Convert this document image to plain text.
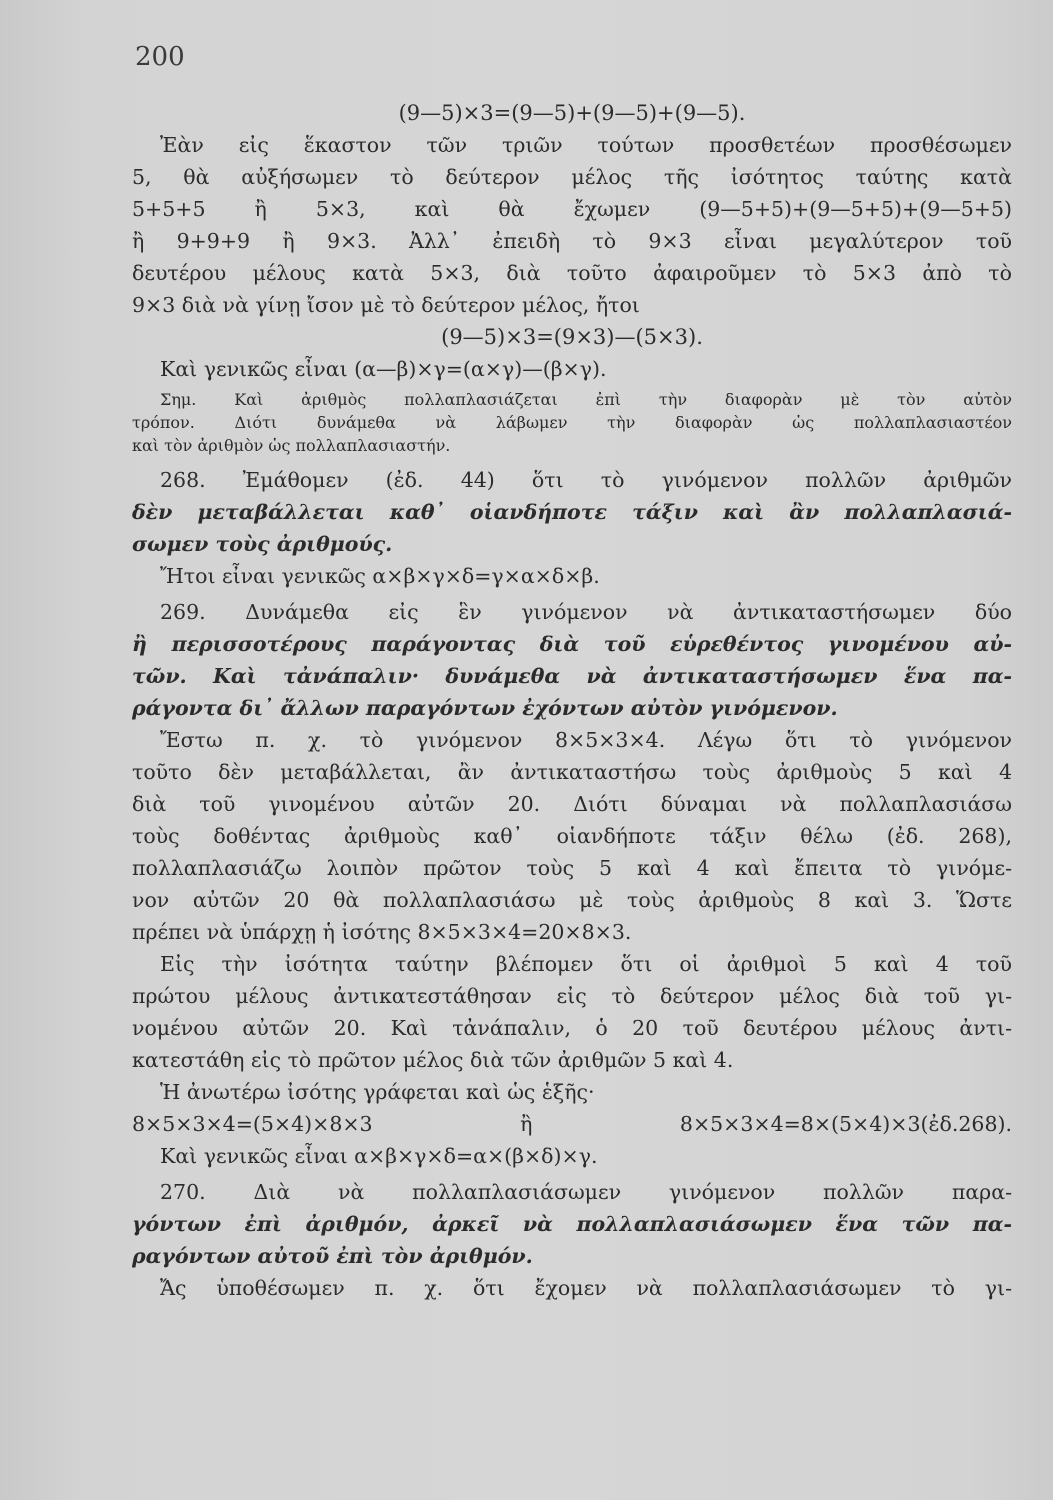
200
(9—5)×3=(9—5)+(9—5)+(9—5).
Ἐὰν εἰς ἕκαστον τῶν τριῶν τούτων προσθετέων προσθέσωμεν
5, θὰ αὐξήσωμεν τὸ δεύτερον μέλος τῆς ἰσότητος ταύτης κατὰ
5+5+5 ἢ 5×3, καὶ θὰ ἔχωμεν (9—5+5)+(9—5+5)+(9—5+5)
ἢ 9+9+9 ἢ 9×3. Ἀλλ᾽ ἐπειδὴ τὸ 9×3 εἶναι μεγαλύτερον τοῦ
δευτέρου μέλους κατὰ 5×3, διὰ τοῦτο ἀφαιροῦμεν τὸ 5×3 ἀπὸ τὸ
9×3 διὰ νὰ γίνῃ ἴσον μὲ τὸ δεύτερον μέλος, ἤτοι
(9—5)×3=(9×3)—(5×3).
Καὶ γενικῶς εἶναι (α—β)×γ=(α×γ)—(β×γ).
Σημ. Καὶ ἀριθμὸς πολλαπλασιάζεται ἐπὶ τὴν διαφορὰν μὲ τὸν αὐτὸν
τρόπον. Διότι δυνάμεθα νὰ λάβωμεν τὴν διαφορὰν ὡς πολλαπλασιαστέον
καὶ τὸν ἀριθμὸν ὡς πολλαπλασιαστήν.
268. Ἐμάθομεν (ἐδ. 44) ὅτι τὸ γινόμενον πολλῶν ἀριθμῶν
δὲν μεταβάλλεται καθ᾽ οἱανδήποτε τάξιν καὶ ἂν πολλαπλασιά-
σωμεν τοὺς ἀριθμούς.
Ἤτοι εἶναι γενικῶς α×β×γ×δ=γ×α×δ×β.
269. Δυνάμεθα εἰς ἓν γινόμενον νὰ ἀντικαταστήσωμεν δύο
ἢ περισσοτέρους παράγοντας διὰ τοῦ εὑρεθέντος γινομένου αὐ-
τῶν. Καὶ τἀνάπαλιν· δυνάμεθα νὰ ἀντικαταστήσωμεν ἕνα πα-
ράγοντα δι᾽ ἄλλων παραγόντων ἐχόντων αὐτὸν γινόμενον.
Ἔστω π. χ. τὸ γινόμενον 8×5×3×4. Λέγω ὅτι τὸ γινόμενον
τοῦτο δὲν μεταβάλλεται, ἂν ἀντικαταστήσω τοὺς ἀριθμοὺς 5 καὶ 4
διὰ τοῦ γινομένου αὐτῶν 20. Διότι δύναμαι νὰ πολλαπλασιάσω
τοὺς δοθέντας ἀριθμοὺς καθ᾽ οἱανδήποτε τάξιν θέλω (ἐδ. 268),
πολλαπλασιάζω λοιπὸν πρῶτον τοὺς 5 καὶ 4 καὶ ἔπειτα τὸ γινόμε-
νον αὐτῶν 20 θὰ πολλαπλασιάσω μὲ τοὺς ἀριθμοὺς 8 καὶ 3. Ὥστε
πρέπει νὰ ὑπάρχῃ ἡ ἰσότης 8×5×3×4=20×8×3.
Εἰς τὴν ἰσότητα ταύτην βλέπομεν ὅτι οἱ ἀριθμοὶ 5 καὶ 4 τοῦ
πρώτου μέλους ἀντικατεστάθησαν εἰς τὸ δεύτερον μέλος διὰ τοῦ γι-
νομένου αὐτῶν 20. Καὶ τἀνάπαλιν, ὁ 20 τοῦ δευτέρου μέλους ἀντι-
κατεστάθη εἰς τὸ πρῶτον μέλος διὰ τῶν ἀριθμῶν 5 καὶ 4.
Ἡ ἀνωτέρω ἰσότης γράφεται καὶ ὡς ἑξῆς·
8×5×3×4=(5×4)×8×3 ἢ 8×5×3×4=8×(5×4)×3(ἐδ.268).
Καὶ γενικῶς εἶναι α×β×γ×δ=α×(β×δ)×γ.
270. Διὰ νὰ πολλαπλασιάσωμεν γινόμενον πολλῶν παρα-
γόντων ἐπὶ ἀριθμόν, ἀρκεῖ νὰ πολλαπλασιάσωμεν ἕνα τῶν πα-
ραγόντων αὐτοῦ ἐπὶ τὸν ἀριθμόν.
Ἄς ὑποθέσωμεν π. χ. ὅτι ἔχομεν νὰ πολλαπλασιάσωμεν τὸ γι-
